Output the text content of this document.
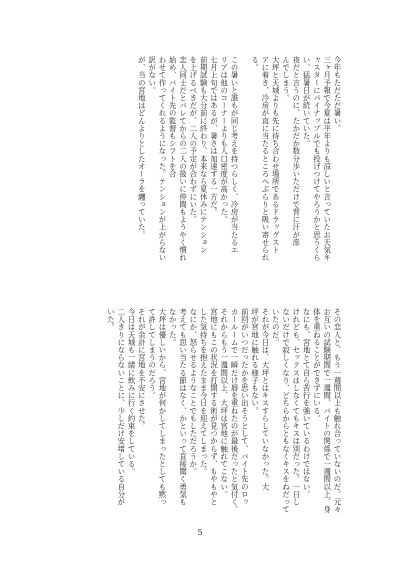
今年もただただ暑い。
三ヶ月予報で今夏は平年よりも涼しいと言っていたお天気キ
ャスターにパイナップルでも投げつけてやろうかと思うくら
い、猛暑日が続いていた。
夜だと言うのに、たかだか数分歩いただけで背に汗が滲
んでしまう。
大坪と天城よりも先に待ち合わせ場所であるドラッグスト
アに着き、冷房が直に当たるところへぶらりと吸い寄せられ
る。
この暑いと誰もが同じ考えを持つらしく、冷房が当たるエ
リアは他のコーナーよりも人口密度が高かった。
七月上旬ではあるが、暑さは加速する一方だ。
前期試験も大分前に終わり、本来なら夏休みにテンション
を上げるべきだが、二人の予定が合わずにいた。
恋人同士だとバレてからの二人の扱いに仲間もようやく慣れ
始め、バイト先の監督もシフトを合
わせて作ってくれるようになった。テンションが上がらない
訳がない。
が、当の宮地はどんよりとしたオーラを纏っていた。
その恋人と、もう一週間以上も触れ合っていないのだ。元々
お互いの試験期間で一週間、バイトの関係で一週間以上、身
体を重ねることができずにいる。
なにも、宮地とて自ら苦行を強いているわけではない。
けれども、セックスはしなくてもキスは別だった。一日し
ないだけで寂しくなり、どちらからともなくキスをねだって
いたのだ。
それが今日は、大坪とはキスすらしていなかった。大
坪が宮地に触れる様子もない。
前回がいつだったかを思い出そうとして、バイト先のロッ
カールームで一瞬だけ唇を重ねたのが最後だったと気付く。
それからもう一週間以上、大坪は宮地に触れてこない。
宮地にもこの状況を打開する術が見つからず、もやもやと
した気持ちを抱えたまま今日を迎えてしまった。
なにか、怒らせるようなことでもしただろうか。
考えても思い当たる節はなく、かといって直接聞く勇気も
なかった。
大坪は優しいから、宮地が何かしてしまったとしても黙っ
て許してしまうのだろう。
それが余計に宮地を不安にさせた。
今日は天城も一緒に飲みに行く約束をしている。
二人きりにならないことに、少しだけ安堵している自分が
いた。
5
